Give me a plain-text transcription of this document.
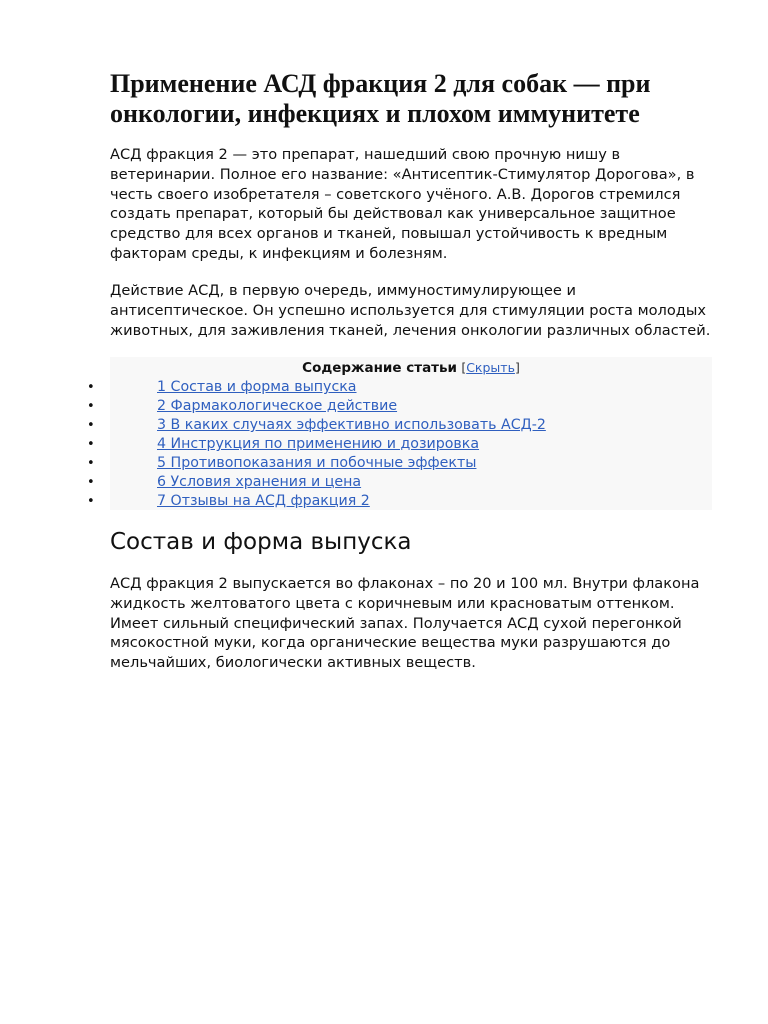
Применение АСД фракция 2 для собак — при онкологии, инфекциях и плохом иммунитете

АСД фракция 2 — это препарат, нашедший свою прочную нишу в ветеринарии. Полное его название: «Антисептик-Стимулятор Дорогова», в честь своего изобретателя – советского учёного. А.В. Дорогов стремился создать препарат, который бы действовал как универсальное защитное средство для всех органов и тканей, повышал устойчивость к вредным факторам среды, к инфекциям и болезням.

Действие АСД, в первую очередь, иммуностимулирующее и антисептическое. Он успешно используется для стимуляции роста молодых животных, для заживления тканей, лечения онкологии различных областей.

Содержание статьи [Скрыть]
•	1 Состав и форма выпуска
•	2 Фармакологическое действие
•	3 В каких случаях эффективно использовать АСД-2
•	4 Инструкция по применению и дозировка
•	5 Противопоказания и побочные эффекты
•	6 Условия хранения и цена
•	7 Отзывы на АСД фракция 2
Состав и форма выпуска

АСД фракция 2 выпускается во флаконах – по 20 и 100 мл. Внутри флакона жидкость желтоватого цвета с коричневым или красноватым оттенком. Имеет сильный специфический запах. Получается АСД сухой перегонкой мясокостной муки, когда органические вещества муки разрушаются до мельчайших, биологически активных веществ.
